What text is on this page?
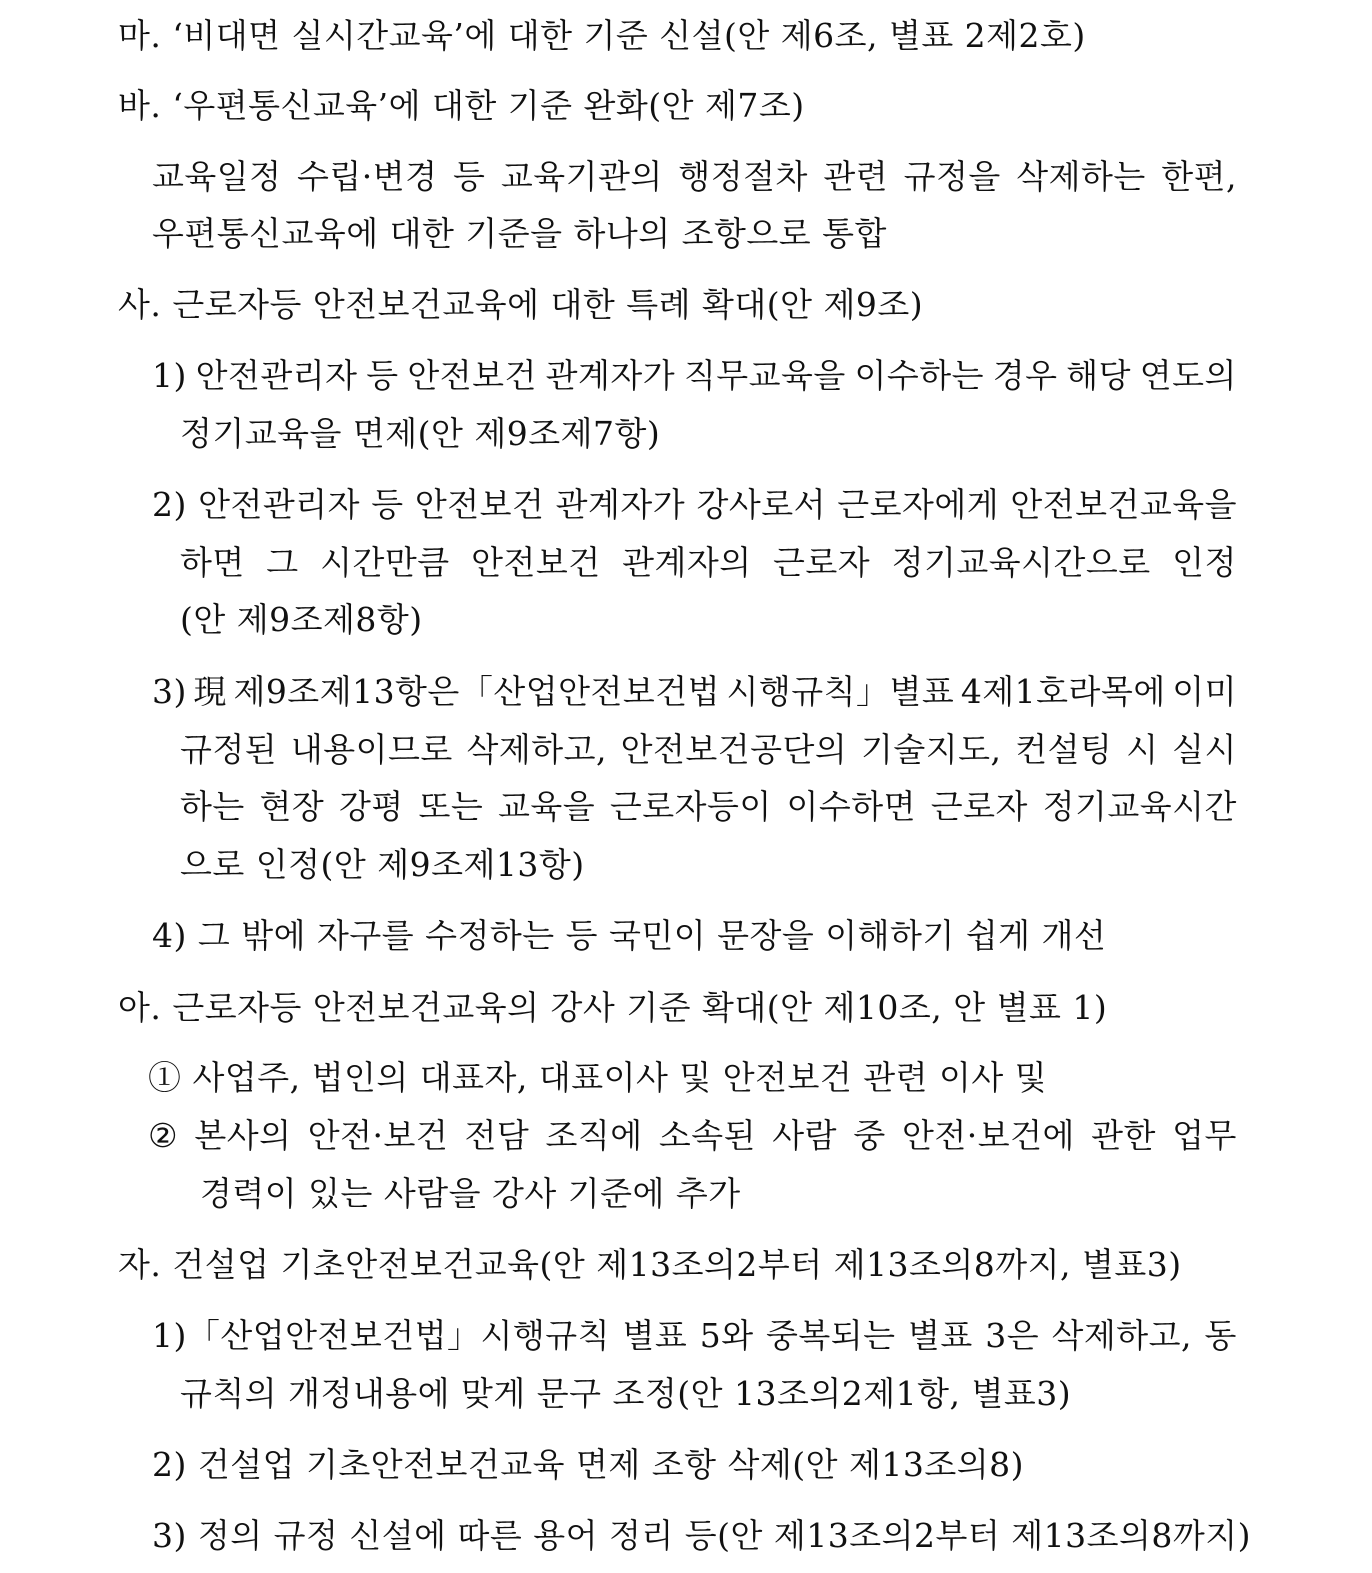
마. ‘비대면 실시간교육’에 대한 기준 신설(안 제6조, 별표 2제2호)
바. ‘우편통신교육’에 대한 기준 완화(안 제7조)
교육일정 수립·변경 등 교육기관의 행정절차 관련 규정을 삭제하는 한편,
우편통신교육에 대한 기준을 하나의 조항으로 통합
사. 근로자등 안전보건교육에 대한 특례 확대(안 제9조)
1) 안전관리자 등 안전보건 관계자가 직무교육을 이수하는 경우 해당 연도의
정기교육을 면제(안 제9조제7항)
2) 안전관리자 등 안전보건 관계자가 강사로서 근로자에게 안전보건교육을
하면 그 시간만큼 안전보건 관계자의 근로자 정기교육시간으로 인정
(안 제9조제8항)
3) 現 제9조제13항은「산업안전보건법 시행규칙」별표 4제1호라목에 이미
규정된 내용이므로 삭제하고, 안전보건공단의 기술지도, 컨설팅 시 실시
하는 현장 강평 또는 교육을 근로자등이 이수하면 근로자 정기교육시간
으로 인정(안 제9조제13항)
4) 그 밖에 자구를 수정하는 등 국민이 문장을 이해하기 쉽게 개선
아. 근로자등 안전보건교육의 강사 기준 확대(안 제10조, 안 별표 1)
① 사업주, 법인의 대표자, 대표이사 및 안전보건 관련 이사 및
② 본사의 안전·보건 전담 조직에 소속된 사람 중 안전·보건에 관한 업무
경력이 있는 사람을 강사 기준에 추가
자. 건설업 기초안전보건교육(안 제13조의2부터 제13조의8까지, 별표3)
1)「산업안전보건법」시행규칙 별표 5와 중복되는 별표 3은 삭제하고, 동
규칙의 개정내용에 맞게 문구 조정(안 13조의2제1항, 별표3)
2) 건설업 기초안전보건교육 면제 조항 삭제(안 제13조의8)
3) 정의 규정 신설에 따른 용어 정리 등(안 제13조의2부터 제13조의8까지)
